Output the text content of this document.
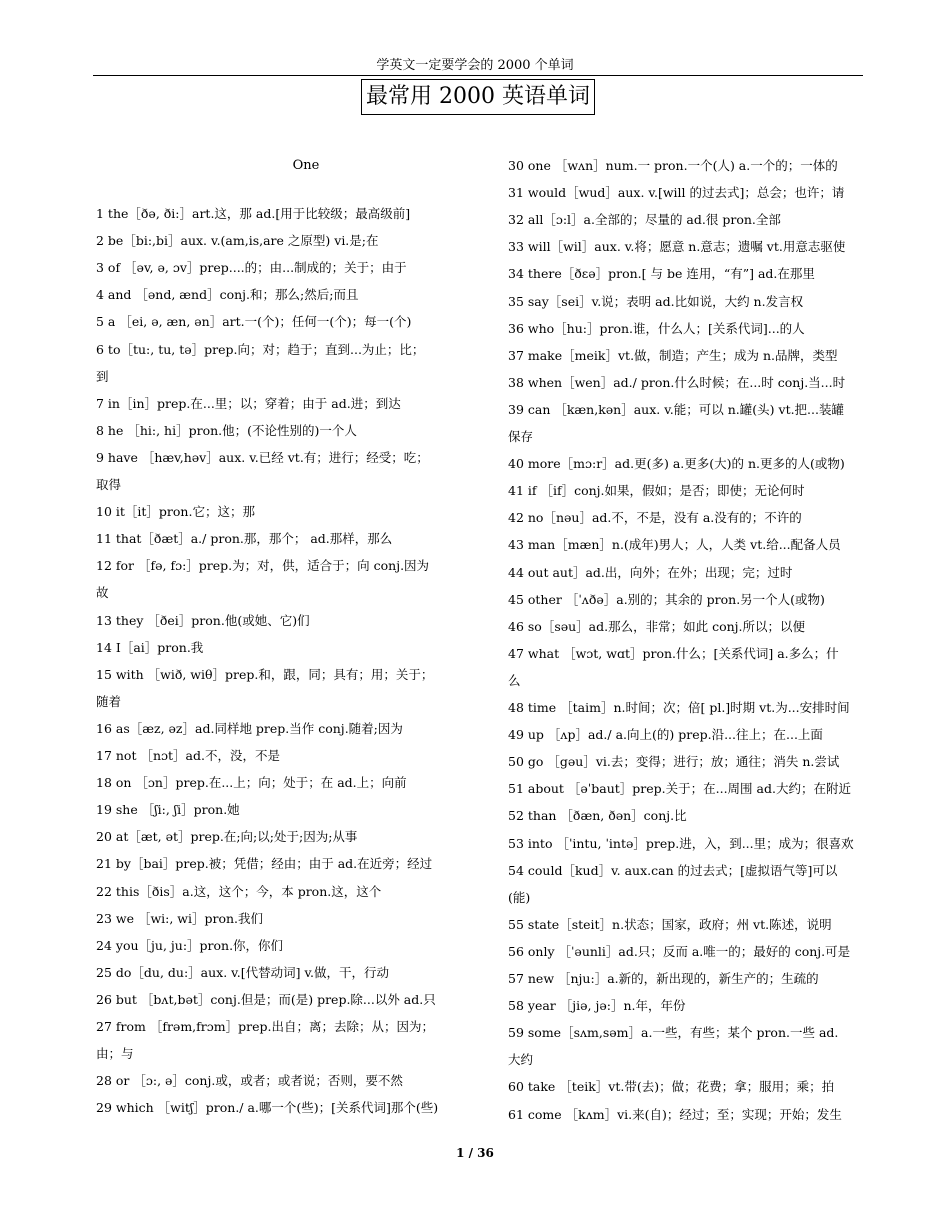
学英文一定要学会的 2000 个单词
最常用 2000 英语单词
One
1 the［ðə, ði:］art.这，那 ad.[用于比较级；最高级前]
2 be［bi:,bi］aux. v.(am,is,are 之原型) vi.是;在
3 of ［əv, ə, ɔv］prep....的；由...制成的；关于；由于
4 and ［ənd, ænd］conj.和；那么;然后;而且
5 a ［ei, ə, æn, ən］art.一(个)；任何一(个)；每一(个)
6 to［tu:, tu, tə］prep.向；对；趋于；直到...为止；比；
到
7 in［in］prep.在...里；以；穿着；由于 ad.进；到达
8 he ［hi:, hi］pron.他；(不论性别的)一个人
9 have ［hæv,həv］aux. v.已经 vt.有；进行；经受；吃；
取得
10 it［it］pron.它；这；那
11 that［ðæt］a./ pron.那，那个； ad.那样，那么
12 for ［fə, fɔ:］prep.为；对，供，适合于；向 conj.因为
故
13 they ［ðei］pron.他(或她、它)们
14 I［ai］pron.我
15 with ［wið, wiθ］prep.和，跟，同；具有；用；关于；
随着
16 as［æz, əz］ad.同样地 prep.当作 conj.随着;因为
17 not ［nɔt］ad.不，没，不是
18 on ［ɔn］prep.在...上；向；处于；在 ad.上；向前
19 she ［ʃi:, ʃi］pron.她
20 at［æt, ət］prep.在;向;以;处于;因为;从事
21 by［bai］prep.被；凭借；经由；由于 ad.在近旁；经过
22 this［ðis］a.这，这个；今，本 pron.这，这个
23 we ［wi:, wi］pron.我们
24 you［ju, ju:］pron.你，你们
25 do［du, du:］aux. v.[代替动词] v.做，干，行动
26 but ［bʌt,bət］conj.但是；而(是) prep.除...以外 ad.只
27 from ［frəm,frɔm］prep.出自；离；去除；从；因为；
由；与
28 or ［ɔ:, ə］conj.或，或者；或者说；否则，要不然
29 which ［witʃ］pron./ a.哪一个(些)；[关系代词]那个(些)
30 one ［wʌn］num.一 pron.一个(人) a.一个的；一体的
31 would［wud］aux. v.[will 的过去式]；总会；也许；请
32 all［ɔ:l］a.全部的；尽量的 ad.很 pron.全部
33 will［wil］aux. v.将；愿意 n.意志；遗嘱 vt.用意志驱使
34 there［ðɛə］pron.[ 与 be 连用，“有”] ad.在那里
35 say［sei］v.说；表明 ad.比如说，大约 n.发言权
36 who［hu:］pron.谁，什么人；[关系代词]...的人
37 make［meik］vt.做，制造；产生；成为 n.品牌，类型
38 when［wen］ad./ pron.什么时候；在...时 conj.当...时
39 can ［kæn,kən］aux. v.能；可以 n.罐(头) vt.把...装罐
保存
40 more［mɔ:r］ad.更(多) a.更多(大)的 n.更多的人(或物)
41 if ［if］conj.如果，假如；是否；即使；无论何时
42 no［nəu］ad.不，不是，没有 a.没有的；不许的
43 man［mæn］n.(成年)男人；人，人类 vt.给...配备人员
44 out aut］ad.出，向外；在外；出现；完；过时
45 other ［ˈʌðə］a.别的；其余的 pron.另一个人(或物)
46 so［səu］ad.那么，非常；如此 conj.所以；以便
47 what ［wɔt, wɑt］pron.什么；[关系代词] a.多么；什
么
48 time ［taim］n.时间；次；倍[ pl.]时期 vt.为...安排时间
49 up ［ʌp］ad./ a.向上(的) prep.沿...往上；在...上面
50 go ［gəu］vi.去；变得；进行；放；通往；消失 n.尝试
51 about ［əˈbaut］prep.关于；在...周围 ad.大约；在附近
52 than ［ðæn, ðən］conj.比
53 into ［ˈintu, ˈintə］prep.进，入，到...里；成为；很喜欢
54 could［kud］v. aux.can 的过去式；[虚拟语气等]可以
(能)
55 state［steit］n.状态；国家，政府；州 vt.陈述，说明
56 only ［ˈəunli］ad.只；反而 a.唯一的；最好的 conj.可是
57 new ［nju:］a.新的，新出现的，新生产的；生疏的
58 year ［jiə, jə:］n.年，年份
59 some［sʌm,səm］a.一些，有些；某个 pron.一些 ad.
大约
60 take ［teik］vt.带(去)；做；花费；拿；服用；乘；拍
61 come ［kʌm］vi.来(自)；经过；至；实现；开始；发生
1 / 36
